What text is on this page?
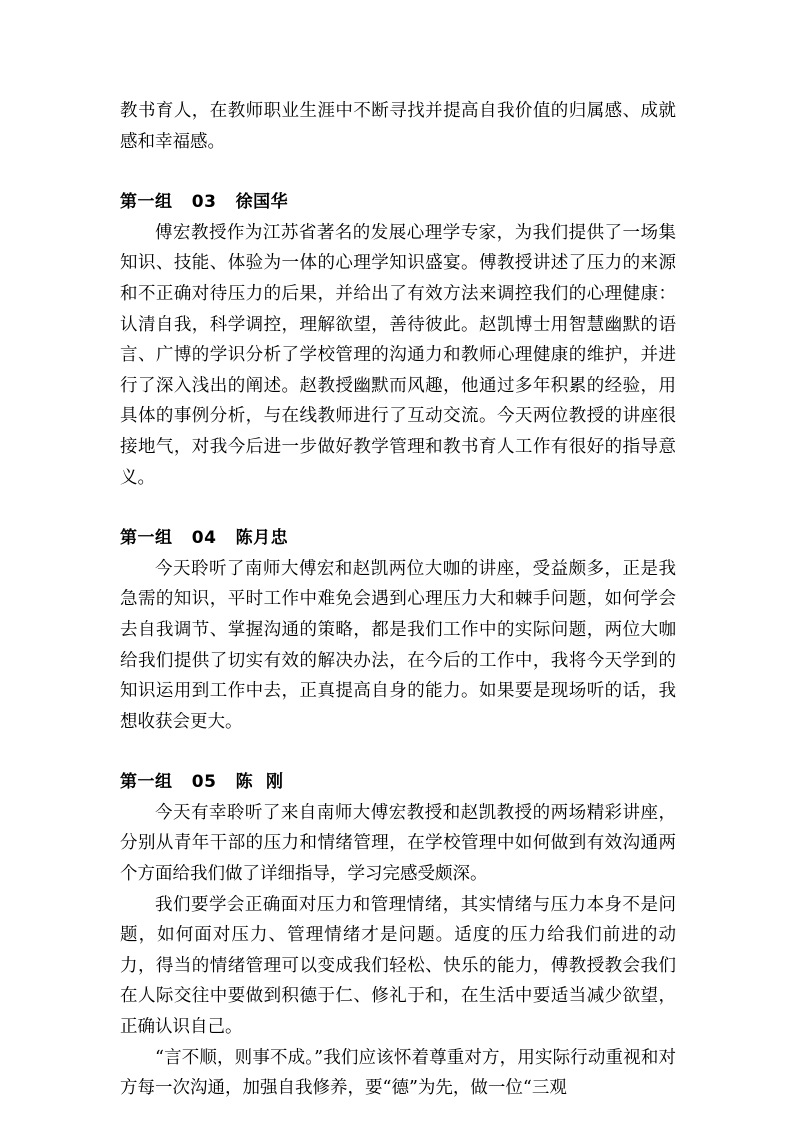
教书育人，在教师职业生涯中不断寻找并提高自我价值的归属感、成就感和幸福感。

第一组   03   徐国华

傅宏教授作为江苏省著名的发展心理学专家，为我们提供了一场集知识、技能、体验为一体的心理学知识盛宴。傅教授讲述了压力的来源和不正确对待压力的后果，并给出了有效方法来调控我们的心理健康：认清自我，科学调控，理解欲望，善待彼此。赵凯博士用智慧幽默的语言、广博的学识分析了学校管理的沟通力和教师心理健康的维护，并进行了深入浅出的阐述。赵教授幽默而风趣，他通过多年积累的经验，用具体的事例分析，与在线教师进行了互动交流。今天两位教授的讲座很接地气，对我今后进一步做好教学管理和教书育人工作有很好的指导意义。

第一组   04   陈月忠

今天聆听了南师大傅宏和赵凯两位大咖的讲座，受益颇多，正是我急需的知识，平时工作中难免会遇到心理压力大和棘手问题，如何学会去自我调节、掌握沟通的策略，都是我们工作中的实际问题，两位大咖给我们提供了切实有效的解决办法，在今后的工作中，我将今天学到的知识运用到工作中去，正真提高自身的能力。如果要是现场听的话，我想收获会更大。

第一组   05   陈  刚

今天有幸聆听了来自南师大傅宏教授和赵凯教授的两场精彩讲座，分别从青年干部的压力和情绪管理，在学校管理中如何做到有效沟通两个方面给我们做了详细指导，学习完感受颇深。

我们要学会正确面对压力和管理情绪，其实情绪与压力本身不是问题，如何面对压力、管理情绪才是问题。适度的压力给我们前进的动力，得当的情绪管理可以变成我们轻松、快乐的能力，傅教授教会我们在人际交往中要做到积德于仁、修礼于和，在生活中要适当减少欲望，正确认识自己。

“言不顺，则事不成。”我们应该怀着尊重对方，用实际行动重视和对方每一次沟通，加强自我修养，要“德”为先，做一位“三观
